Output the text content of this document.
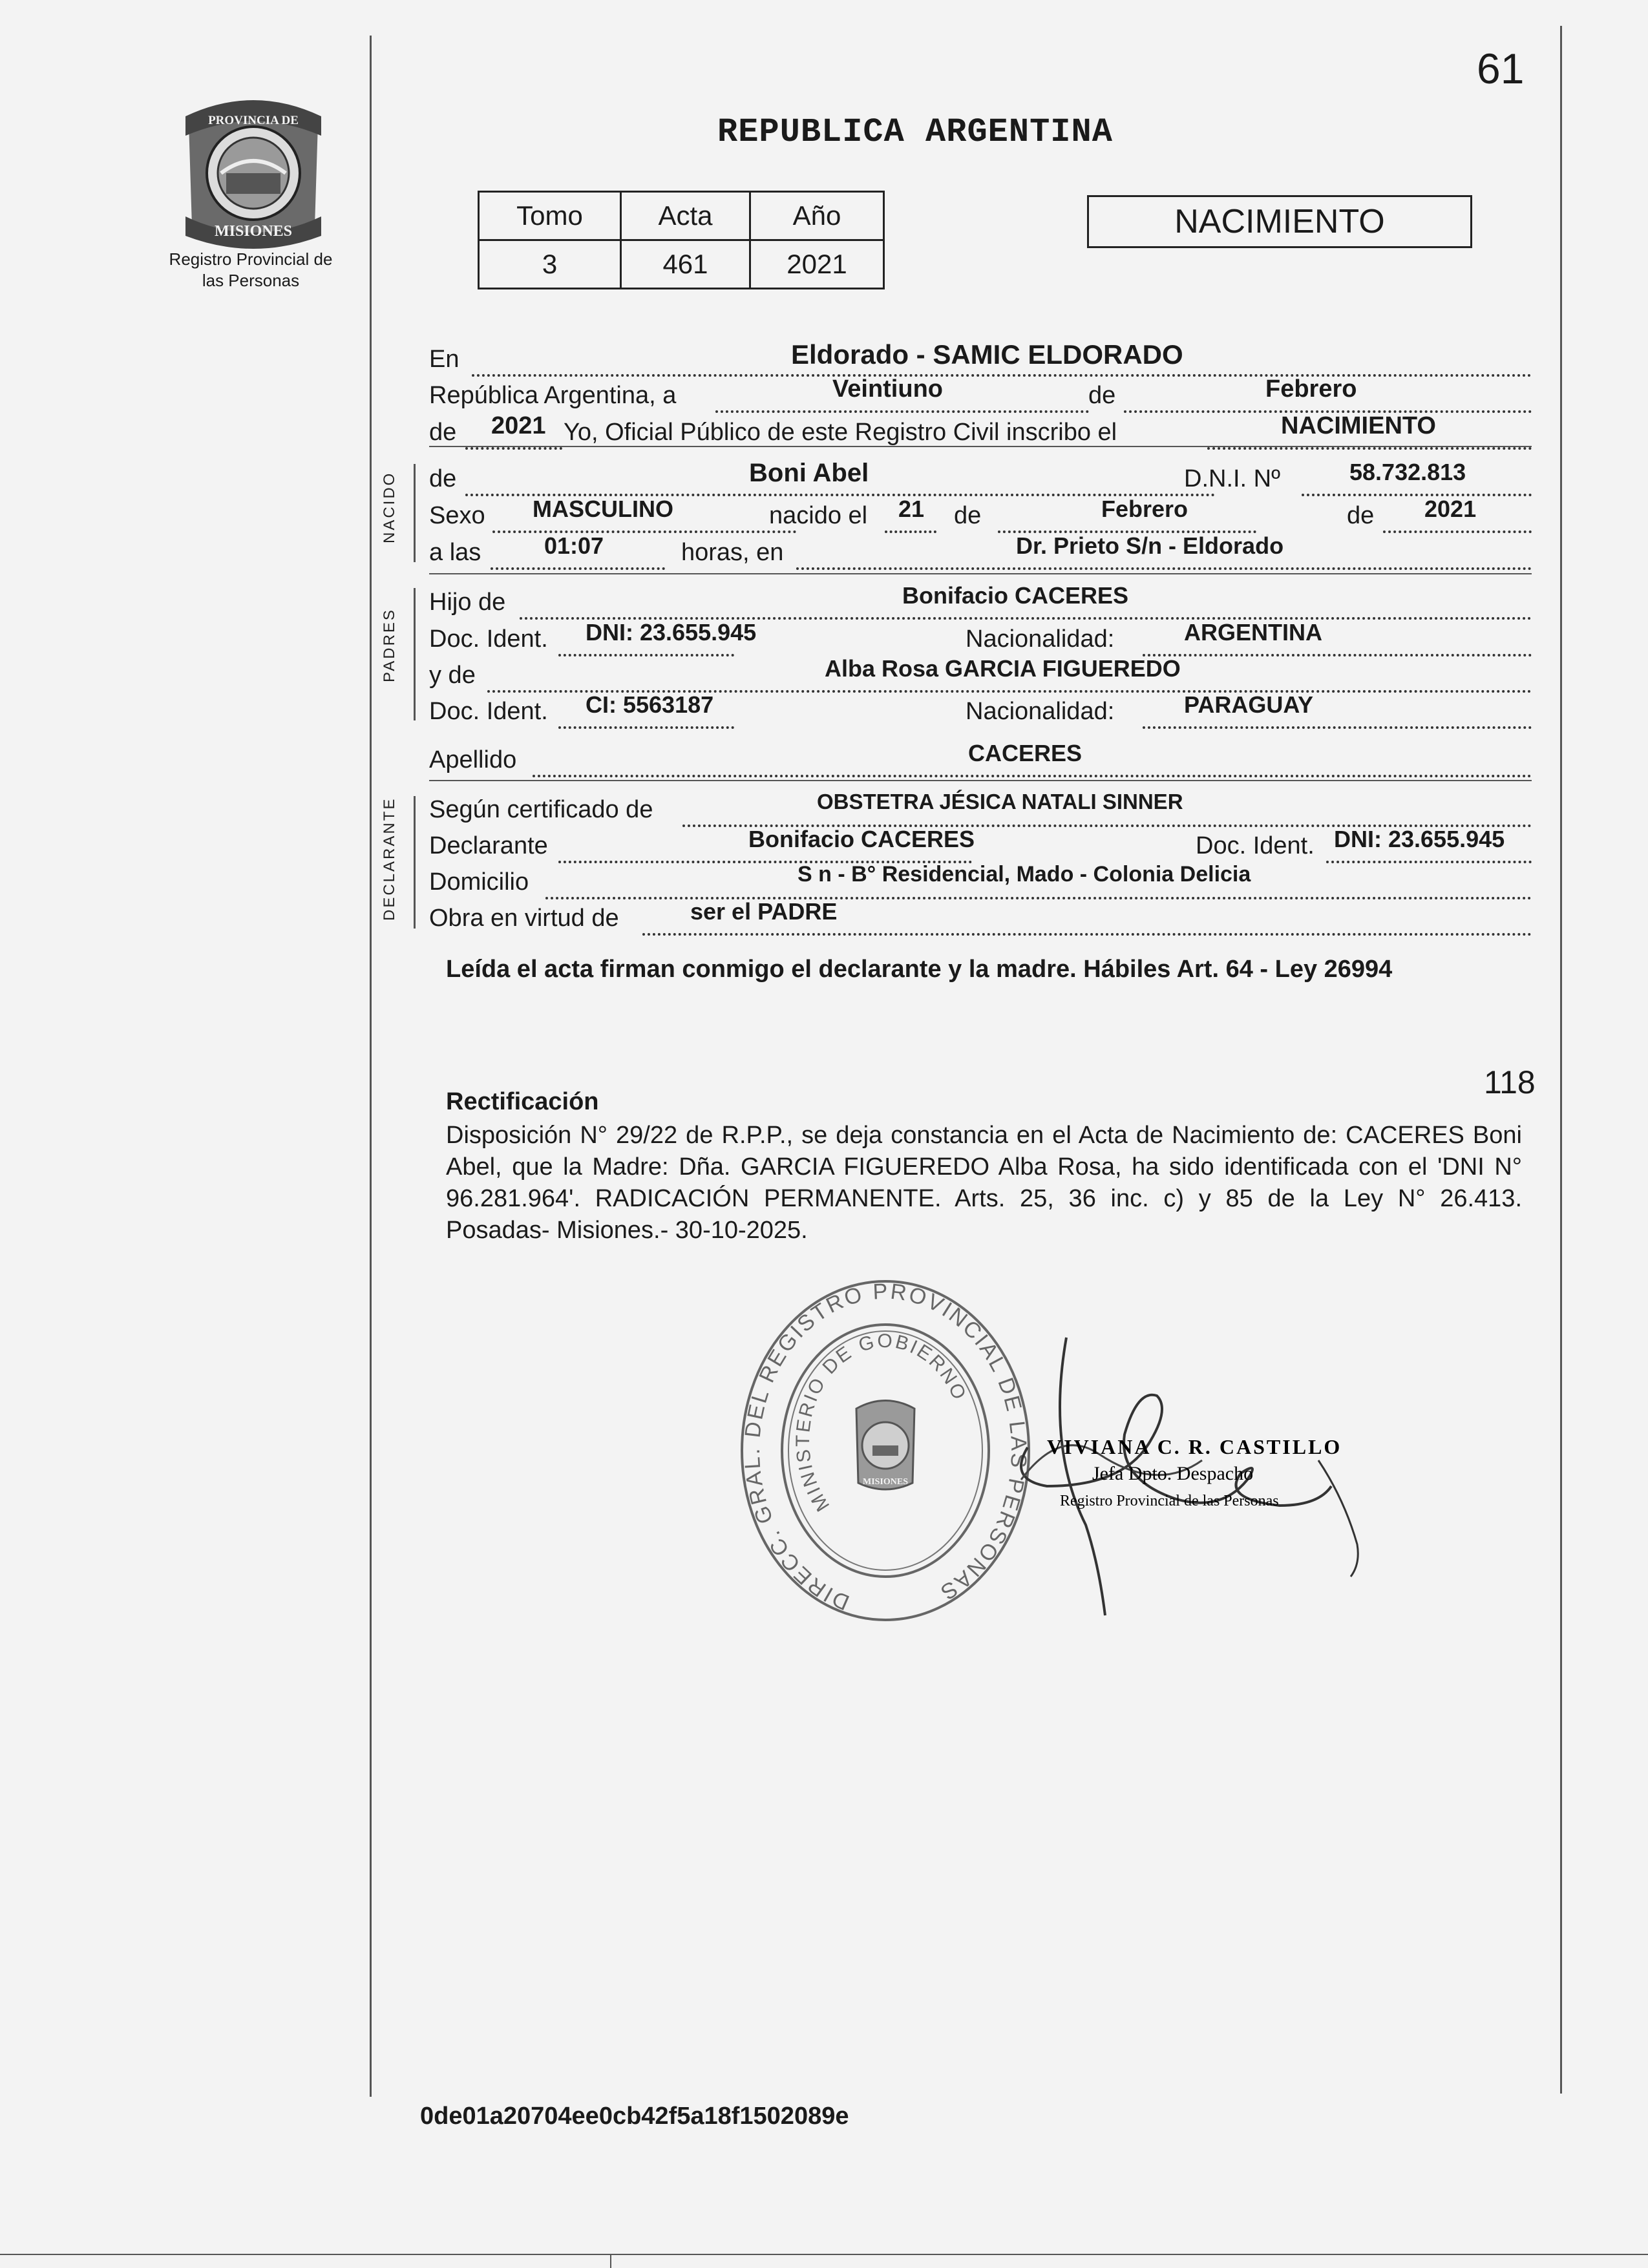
61
PROVINCIA DE
MISIONES
Registro Provincial de las Personas
REPUBLICA ARGENTINA
Tomo	Acta	Año
3	461	2021
NACIMIENTO
En	Eldorado - SAMIC ELDORADO
República Argentina, a	Veintiuno	de	Febrero
de 2021 Yo, Oficial Público de este Registro Civil inscribo el	NACIMIENTO
NACIDO de	Boni Abel	D.N.I. Nº	58.732.813
Sexo MASCULINO	nacido el 21 de	Febrero	de 2021
a las	01:07	horas, en	Dr. Prieto S/n - Eldorado
PADRES
Hijo de	Bonifacio CACERES
Doc. Ident. DNI: 23.655.945	Nacionalidad:	ARGENTINA
y de	Alba Rosa GARCIA FIGUEREDO
Doc. Ident. CI: 5563187	Nacionalidad:	PARAGUAY
Apellido	CACERES
DECLARANTE Según certificado de	OBSTETRA JÉSICA NATALI SINNER
Declarante	Bonifacio CACERES	Doc. Ident. DNI: 23.655.945
Domicilio	S n - B° Residencial, Mado - Colonia Delicia
Obra en virtud de	ser el PADRE
Leída el acta firman conmigo el declarante y la madre. Hábiles Art. 64 - Ley 26994
118
Rectificación
Disposición N° 29/22 de R.P.P., se deja constancia en el Acta de Nacimiento de: CACERES Boni Abel, que la Madre: Dña. GARCIA FIGUEREDO Alba Rosa, ha sido identificada con el 'DNI N° 96.281.964'. RADICACIÓN PERMANENTE. Arts. 25, 36 inc. c) y 85 de la Ley N° 26.413. Posadas- Misiones.- 30-10-2025.
DIRECC. GRAL. DEL REGISTRO PROVINCIAL DE LAS PERSONAS
MINISTERIO DE GOBIERNO
MISIONES
VIVIANA C. R. CASTILLO
Jefa Dpto. Despacho
Registro Provincial de las Personas
0de01a20704ee0cb42f5a18f1502089e
